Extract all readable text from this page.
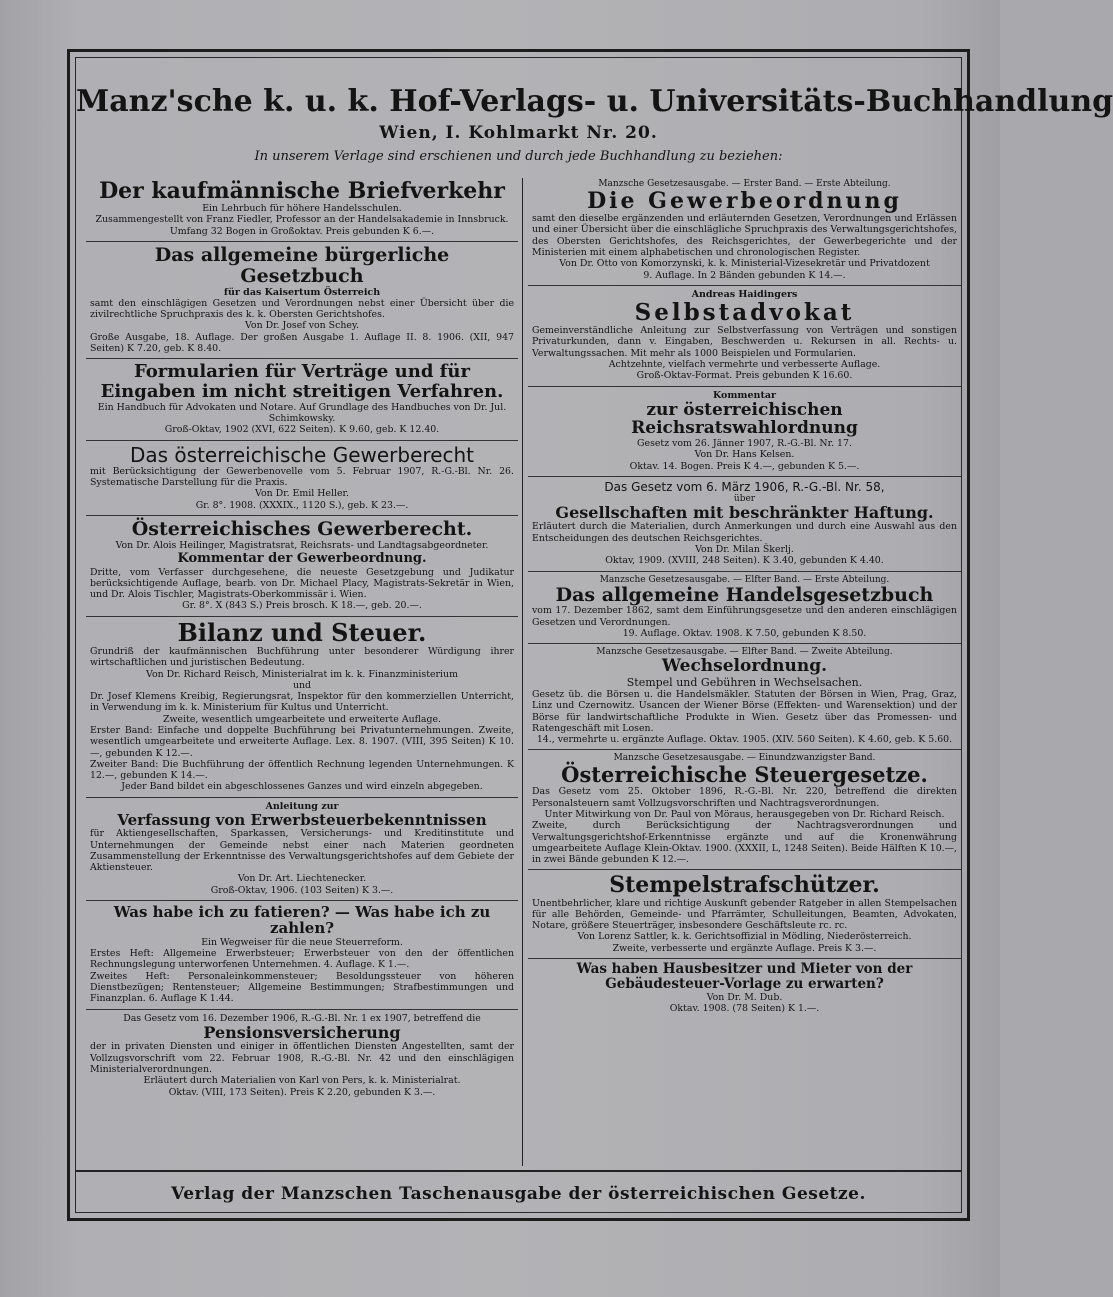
Manz'sche k. u. k. Hof-Verlags- u. Universitäts-Buchhandlung
Wien, I. Kohlmarkt Nr. 20.
In unserem Verlage sind erschienen und durch jede Buchhandlung zu beziehen:
Der kaufmännische Briefverkehr

Ein Lehrbuch für höhere Handelsschulen.

Zusammengestellt von Franz Fiedler, Professor an der Handelsakademie in Innsbruck.

Umfang 32 Bogen in Großoktav. Preis gebunden K 6.—.

Das allgemeine bürgerliche Gesetzbuch
für das Kaisertum Österreich

samt den einschlägigen Gesetzen und Verordnungen nebst einer Übersicht über die zivilrechtliche Spruchpraxis des k. k. Obersten Gerichtshofes.

Von Dr. Josef von Schey.

Große Ausgabe, 18. Auflage. Der großen Ausgabe 1. Auflage II. 8. 1906. (XII, 947 Seiten) K 7.20, geb. K 8.40.

Formularien für Verträge und für Eingaben im nicht streitigen Verfahren.

Ein Handbuch für Advokaten und Notare. Auf Grundlage des Handbuches von Dr. Jul. Schimkowsky.

Groß-Oktav, 1902 (XVI, 622 Seiten). K 9.60, geb. K 12.40.

Das österreichische Gewerberecht

mit Berücksichtigung der Gewerbenovelle vom 5. Februar 1907, R.-G.-Bl. Nr. 26. Systematische Darstellung für die Praxis.

Von Dr. Emil Heller.

Gr. 8°. 1908. (XXXIX., 1120 S.), geb. K 23.—.

Österreichisches Gewerberecht.

Von Dr. Alois Heilinger, Magistratsrat, Reichsrats- und Landtagsabgeordneter.

Kommentar der Gewerbeordnung.

Dritte, vom Verfasser durchgesehene, die neueste Gesetzgebung und Judikatur berücksichtigende Auflage, bearb. von Dr. Michael Placy, Magistrats-Sekretär in Wien, und Dr. Alois Tischler, Magistrats-Oberkommissär i. Wien.

Gr. 8°. X (843 S.) Preis brosch. K 18.—, geb. 20.—.

Bilanz und Steuer.

Grundriß der kaufmännischen Buchführung unter besonderer Würdigung ihrer wirtschaftlichen und juristischen Bedeutung.

Von Dr. Richard Reisch, Ministerialrat im k. k. Finanzministerium

und

Dr. Josef Klemens Kreibig, Regierungsrat, Inspektor für den kommerziellen Unterricht, in Verwendung im k. k. Ministerium für Kultus und Unterricht.

Zweite, wesentlich umgearbeitete und erweiterte Auflage.

Erster Band: Einfache und doppelte Buchführung bei Privatunternehmungen. Zweite, wesentlich umgearbeitete und erweiterte Auflage. Lex. 8. 1907. (VIII, 395 Seiten) K 10.—, gebunden K 12.—.

Zweiter Band: Die Buchführung der öffentlich Rechnung legenden Unternehmungen. K 12.—, gebunden K 14.—.

Jeder Band bildet ein abgeschlossenes Ganzes und wird einzeln abgegeben.

Anleitung zur
Verfassung von Erwerbsteuerbekenntnissen

für Aktiengesellschaften, Sparkassen, Versicherungs- und Kreditinstitute und Unternehmungen der Gemeinde nebst einer nach Materien geordneten Zusammenstellung der Erkenntnisse des Verwaltungsgerichtshofes auf dem Gebiete der Aktiensteuer.

Von Dr. Art. Liechtenecker.

Groß-Oktav, 1906. (103 Seiten) K 3.—.

Was habe ich zu fatieren? — Was habe ich zu zahlen?

Ein Wegweiser für die neue Steuerreform.

Erstes Heft: Allgemeine Erwerbsteuer; Erwerbsteuer von den der öffentlichen Rechnungslegung unterworfenen Unternehmen. 4. Auflage. K 1.—.

Zweites Heft: Personaleinkommensteuer; Besoldungssteuer von höheren Dienstbezügen; Rentensteuer; Allgemeine Bestimmungen; Strafbestimmungen und Finanzplan. 6. Auflage K 1.44.

Das Gesetz vom 16. Dezember 1906, R.-G.-Bl. Nr. 1 ex 1907, betreffend die
Pensionsversicherung

der in privaten Diensten und einiger in öffentlichen Diensten Angestellten, samt der Vollzugsvorschrift vom 22. Februar 1908, R.-G.-Bl. Nr. 42 und den einschlägigen Ministerialverordnungen.

Erläutert durch Materialien von Karl von Pers, k. k. Ministerialrat.

Oktav. (VIII, 173 Seiten). Preis K 2.20, gebunden K 3.—.

Manzsche Gesetzesausgabe. — Erster Band. — Erste Abteilung.
Die Gewerbeordnung

samt den dieselbe ergänzenden und erläuternden Gesetzen, Verordnungen und Erlässen und einer Übersicht über die einschlägliche Spruchpraxis des Verwaltungsgerichtshofes, des Obersten Gerichtshofes, des Reichsgerichtes, der Gewerbegerichte und der Ministerien mit einem alphabetischen und chronologischen Register.

Von Dr. Otto von Komorzynski, k. k. Ministerial-Vizesekretär und Privatdozent

9. Auflage. In 2 Bänden gebunden K 14.—.

Andreas Haidingers
Selbstadvokat

Gemeinverständliche Anleitung zur Selbstverfassung von Verträgen und sonstigen Privaturkunden, dann v. Eingaben, Beschwerden u. Rekursen in all. Rechts- u. Verwaltungssachen. Mit mehr als 1000 Beispielen und Formularien.

Achtzehnte, vielfach vermehrte und verbesserte Auflage.

Groß-Oktav-Format. Preis gebunden K 16.60.

Kommentar
zur österreichischen Reichsratswahlordnung

Gesetz vom 26. Jänner 1907, R.-G.-Bl. Nr. 17.

Von Dr. Hans Kelsen.

Oktav. 14. Bogen. Preis K 4.—, gebunden K 5.—.

Das Gesetz vom 6. März 1906, R.-G.-Bl. Nr. 58,
über
Gesellschaften mit beschränkter Haftung.

Erläutert durch die Materialien, durch Anmerkungen und durch eine Auswahl aus den Entscheidungen des deutschen Reichsgerichtes.

Von Dr. Milan Škerlj.

Oktav, 1909. (XVIII, 248 Seiten). K 3.40, gebunden K 4.40.

Manzsche Gesetzesausgabe. — Elfter Band. — Erste Abteilung.
Das allgemeine Handelsgesetzbuch

vom 17. Dezember 1862, samt dem Einführungsgesetze und den anderen einschlägigen Gesetzen und Verordnungen.

19. Auflage. Oktav. 1908. K 7.50, gebunden K 8.50.

Manzsche Gesetzesausgabe. — Elfter Band. — Zweite Abteilung.
Wechselordnung.
Stempel und Gebühren in Wechselsachen.

Gesetz üb. die Börsen u. die Handelsmäkler. Statuten der Börsen in Wien, Prag, Graz, Linz und Czernowitz. Usancen der Wiener Börse (Effekten- und Warensektion) und der Börse für landwirtschaftliche Produkte in Wien. Gesetz über das Promessen- und Ratengeschäft mit Losen.

14., vermehrte u. ergänzte Auflage. Oktav. 1905. (XIV. 560 Seiten). K 4.60, geb. K 5.60.

Manzsche Gesetzesausgabe. — Einundzwanzigster Band.
Österreichische Steuergesetze.

Das Gesetz vom 25. Oktober 1896, R.-G.-Bl. Nr. 220, betreffend die direkten Personalsteuern samt Vollzugsvorschriften und Nachtragsverordnungen.

Unter Mitwirkung von Dr. Paul von Möraus, herausgegeben von Dr. Richard Reisch.

Zweite, durch Berücksichtigung der Nachtragsverordnungen und Verwaltungsgerichtshof-Erkenntnisse ergänzte und auf die Kronenwährung umgearbeitete Auflage Klein-Oktav. 1900. (XXXII, L, 1248 Seiten). Beide Hälften K 10.—, in zwei Bände gebunden K 12.—.

Stempelstrafschützer.

Unentbehrlicher, klare und richtige Auskunft gebender Ratgeber in allen Stempelsachen für alle Behörden, Gemeinde- und Pfarrämter, Schulleitungen, Beamten, Advokaten, Notare, größere Steuerträger, insbesondere Geschäftsleute rc. rc.

Von Lorenz Sattler, k. k. Gerichtsoffizial in Mödling, Niederösterreich.

Zweite, verbesserte und ergänzte Auflage. Preis K 3.—.

Was haben Hausbesitzer und Mieter von der Gebäudesteuer-Vorlage zu erwarten?

Von Dr. M. Dub.

Oktav. 1908. (78 Seiten) K 1.—.

Verlag der Manzschen Taschenausgabe der österreichischen Gesetze.
